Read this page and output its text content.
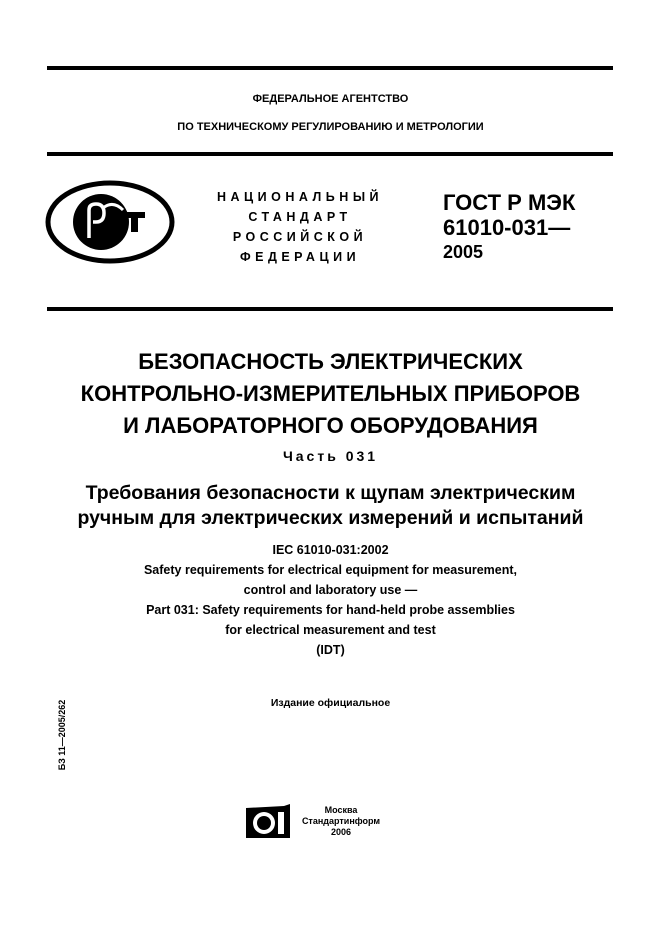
ФЕДЕРАЛЬНОЕ АГЕНТСТВО
ПО ТЕХНИЧЕСКОМУ РЕГУЛИРОВАНИЮ И МЕТРОЛОГИИ
НАЦИОНАЛЬНЫЙ
СТАНДАРТ
РОССИЙСКОЙ
ФЕДЕРАЦИИ
ГОСТ Р МЭК
61010-031—
2005
БЕЗОПАСНОСТЬ ЭЛЕКТРИЧЕСКИХ
КОНТРОЛЬНО-ИЗМЕРИТЕЛЬНЫХ ПРИБОРОВ
И ЛАБОРАТОРНОГО ОБОРУДОВАНИЯ
Часть 031
Требования безопасности к щупам электрическим
ручным для электрических измерений и испытаний
IEC 61010-031:2002
Safety requirements for electrical equipment for measurement,
control and laboratory use —
Part 031: Safety requirements for hand-held probe assemblies
for electrical measurement and test
(IDT)
Издание официальное
БЗ 11—2005/262
Москва
Стандартинформ
2006
